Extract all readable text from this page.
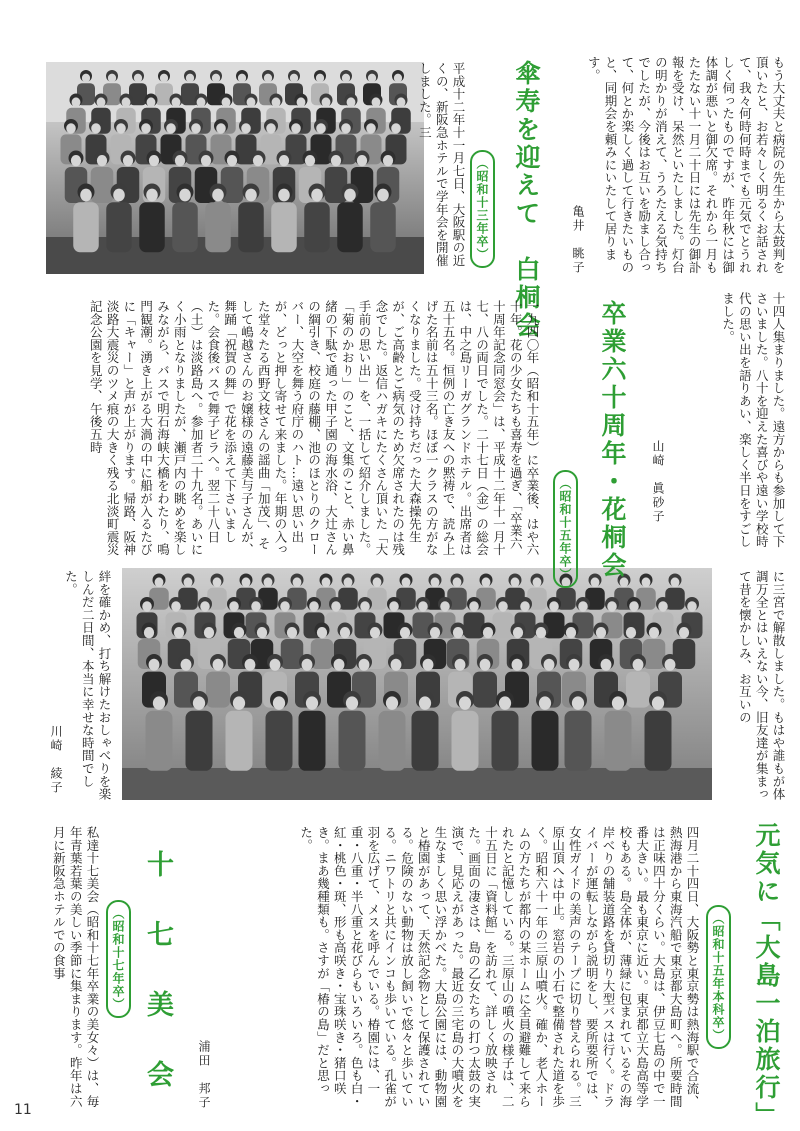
もう大丈夫と病院の先生から太鼓判を頂いたと、お若々しく明るくお話されて、我々何時何時までも元気でとうれしく伺ったものですが、昨年秋には御体調が悪いと御欠席。それから一月もたたない十一月二十日には先生の御訃報を受け、呆然といたしました。灯台の明かりが消えて、うろたえる気持ちでしたが、今後はお互いを励まし合って、何とか楽しく過して行きたいものと、同期会を頼みにいたして居ります。
亀井　眺子
傘寿を迎えて　白桐会
（昭和十三年卒）
平成十二年十一月七日、大阪駅の近くの、新阪急ホテルで学年会を開催しました。三
十四人集まりました。遠方からも参加して下さいました。八十を迎えた喜びや遠い学校時代の思い出を語りあい、楽しく半日をすごしました。
山崎　眞砂子
卒業六十周年・花桐会
（昭和十五年卒）
一九四〇年（昭和十五年）に卒業後、はや六十年。花の少女たちも喜寿を過ぎ、「卒業六十周年記念同窓会」は、平成十二年十一月十七、八の両日でした。二十七日（金）の総会は、中之島リーガグランドホテル。出席者は五十五名。恒例の亡き友への黙祷で、読み上げた名前は五十三名。ほぼ一クラスの方がなくなりました。受け持ちだった大森操先生が、ご高齢とご病気のため欠席されたのは残念でした。返信ハガキにたくさん頂いた「大手前の思い出」を、一括して紹介しました。「菊のかおり」のこと、文集のこと、赤い鼻緒の下駄で通った甲子園の海水浴、大辻さんの綱引き、校庭の藤棚、池のほとりのクローバー、大空を舞う府庁のハト…遠い思い出が、どっと押し寄せて来ました。年期の入った堂々たる西野文枝さんの謡曲「加茂」、そして嶋越さんのお嬢様の遠藤美与子さんが、舞踊「祝賀の舞」で花を添えて下さいました。会食後バスで舞子ビラへ。翌二十八日（土）は淡路島へ。参加者二十九名。あいにく小雨となりましたが、瀬戸内の眺めを楽しみながら、バスで明石海峡大橋をわたり、鳴門観潮。湧き上がる大渦の中に船が入るたびに「キャー」と声が上がります。帰路、阪神淡路大震災のツメ痕の大きく残る北淡町震災記念公園を見学、午後五時
に三宮で解散しました。もはや誰もが体調万全とはいえない今、旧友達が集まって昔を懐かしみ、お互いの
絆を確かめ、打ち解けたおしゃべりを楽しんだ二日間、本当に幸せな時間でした。
川崎　綾子
元気に「大島一泊旅行」
（昭和十五年本科卒）
四月二十四日、大阪勢と東京勢は熱海駅で合流、熱海港から東海汽船で東京都大島町へ。所要時間は正味四十分くらい。大島は、伊豆七島の中で一番大きい。最も東京に近い。東京都立大島高等学校もある。島全体が、薄緑に包まれているその海岸べりの舗装道路を貸切り大型バスは行く。ドライバーが運転しながら説明をし、要所要所では、女性ガイドの美声のテープに切り替えられる。三原山頂へは中止。窓岩の小石で整備された道を歩く。昭和六十一年の三原山噴火。確か、老人ホームの方たちが都内の某ホームに全員避難して来られたと記憶している。三原山の噴火の様子は、二十五日に「資料館」を訪れて、詳しく放映された。画面の凄さは、島の乙女たちの打つ太鼓の実演で、見応えがあった。最近の三宅島の大噴火を生なましく思い浮かべた。大島公園には、動物園と椿園があって、天然記念物として保護されている。危険のない動物は放し飼いで悠々と歩いている。ニワトリと共にインコも歩いている。孔雀が羽を広げて、メスを呼んでいる。椿園には、一重・八重・半八重と花びらもいろいろ。色も白・紅・桃色・斑、形も高咲き・宝珠咲き・猪口咲き。まあ幾種類も。さすが「椿の島」だと思った。
浦田　邦子
十　七　美　会
（昭和十七年卒）
私達十七美会（昭和十七年卒業の美女々）は、毎年青葉若葉の美しい季節に集まります。昨年は六月に新阪急ホテルでの食事
11
